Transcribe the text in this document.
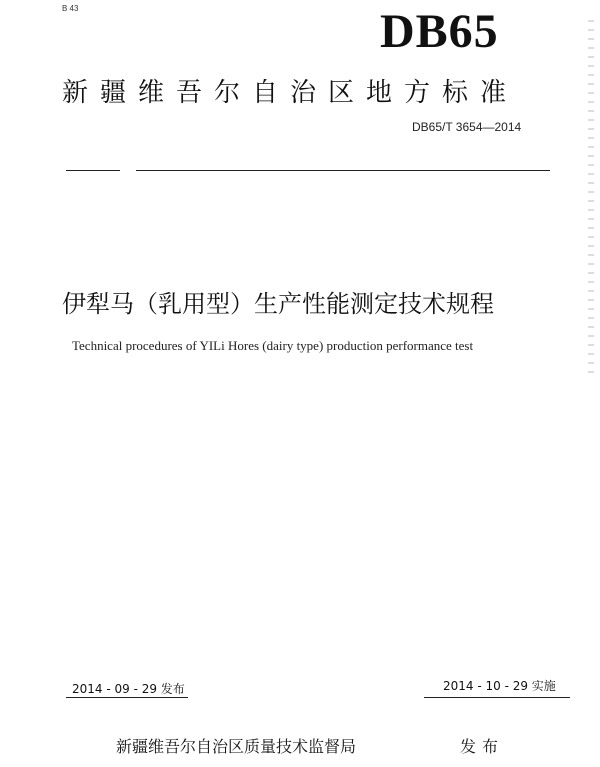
B 43	DB65
新疆维吾尔自治区地方标准
DB65/T 3654—2014
伊犁马（乳用型）生产性能测定技术规程
Technical procedures of YILi Hores (dairy type) production performance test
2014 - 09 - 29 发布	2014 - 10 - 29 实施
新疆维吾尔自治区质量技术监督局	发布
